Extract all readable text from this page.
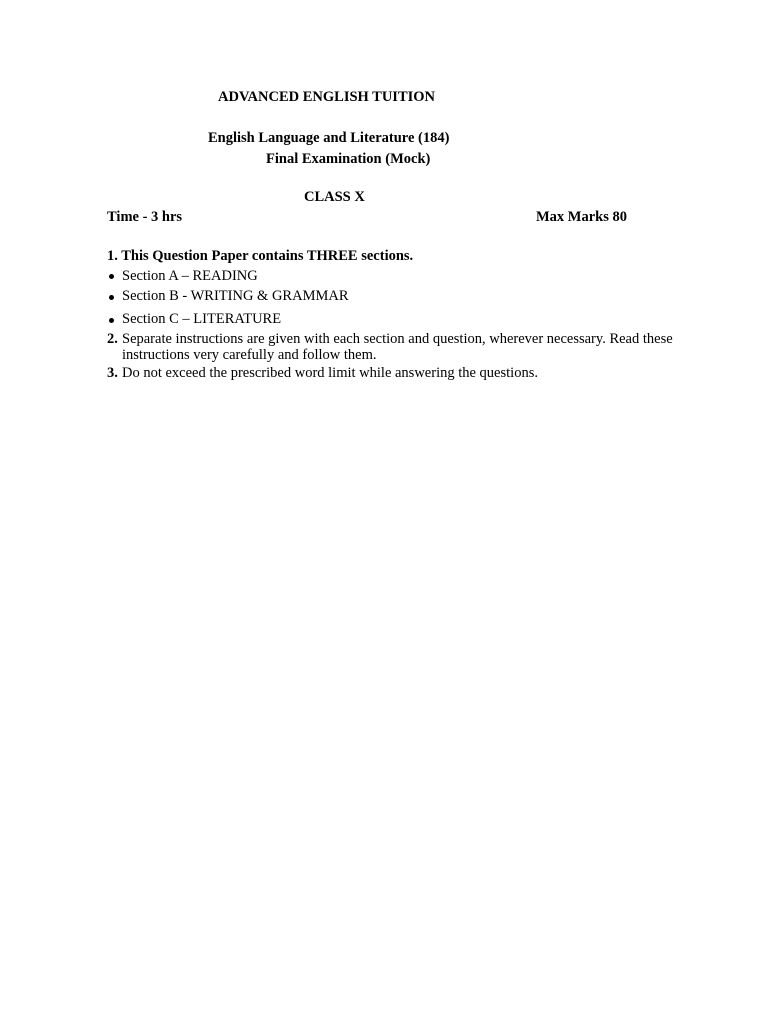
ADVANCED ENGLISH TUITION
English Language and Literature (184)
Final Examination (Mock)
CLASS X
Time - 3 hrs	Max Marks 80
1. This Question Paper contains THREE sections.
Section A – READING
Section B - WRITING & GRAMMAR
Section C – LITERATURE
2. Separate instructions are given with each section and question, wherever necessary. Read these
instructions very carefully and follow them.
3. Do not exceed the prescribed word limit while answering the questions.
